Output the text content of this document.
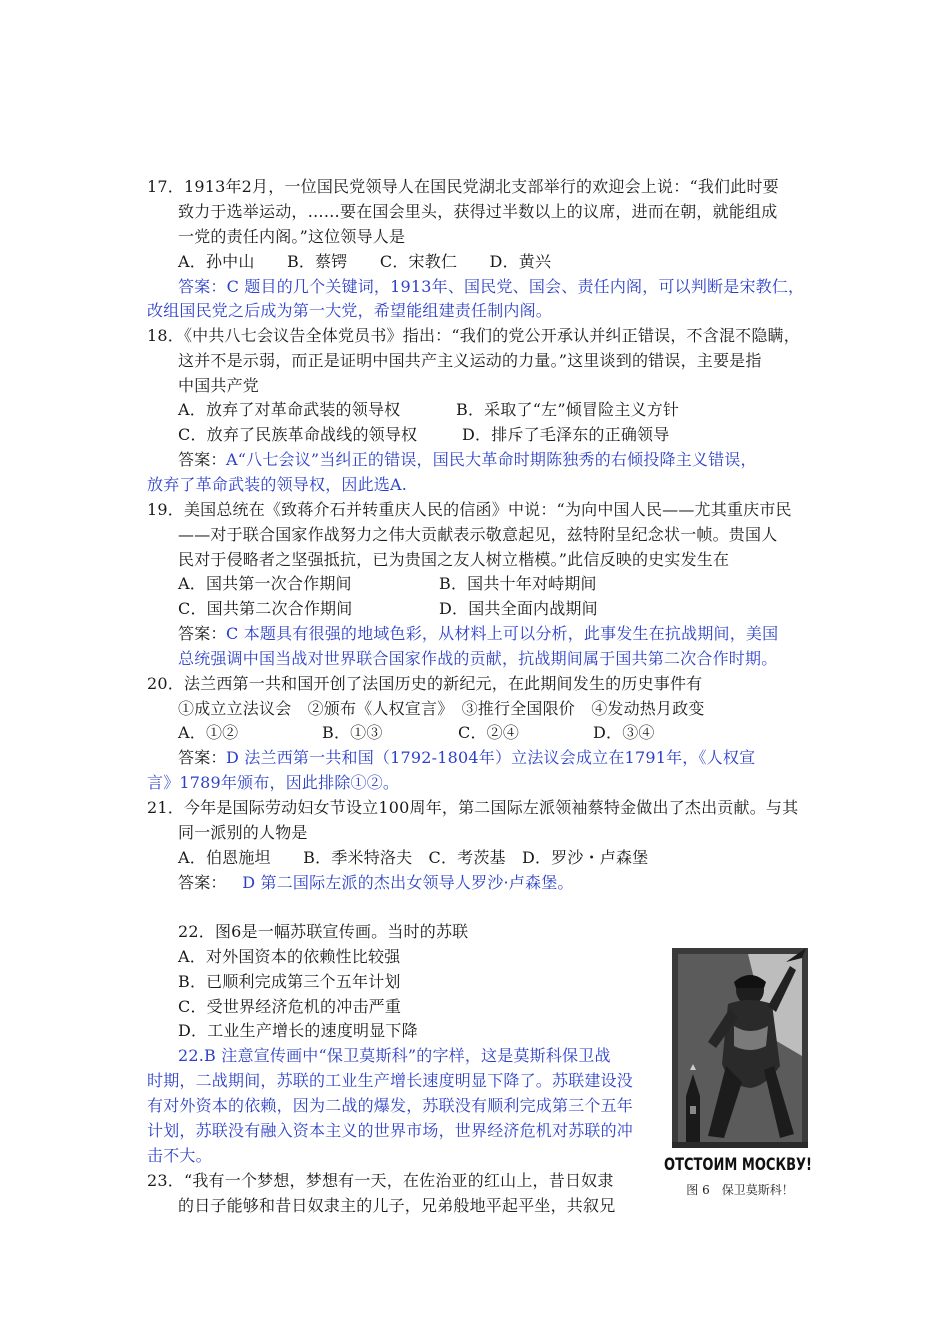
17．1913年2月，一位国民党领导人在国民党湖北支部举行的欢迎会上说：“我们此时要
致力于选举运动，……要在国会里头，获得过半数以上的议席，进而在朝，就能组成
一党的责任内阁。”这位领导人是
A．孙中山　　B．蔡锷　　C．宋教仁　　D．黄兴
答案：C 题目的几个关键词，1913年、国民党、国会、责任内阁，可以判断是宋教仁，
改组国民党之后成为第一大党，希望能组建责任制内阁。
18．《中共八七会议告全体党员书》指出：“我们的党公开承认并纠正错误，不含混不隐瞒，
这并不是示弱，而正是证明中国共产主义运动的力量。”这里谈到的错误，主要是指
中国共产党
A．放弃了对革命武装的领导权	B．采取了“左”倾冒险主义方针
C．放弃了民族革命战线的领导权	D．排斥了毛泽东的正确领导
答案： A“八七会议”当纠正的错误，国民大革命时期陈独秀的右倾投降主义错误，
放弃了革命武装的领导权，因此选A.
19．美国总统在《致蒋介石并转重庆人民的信函》中说：“为向中国人民——尤其重庆市民
——对于联合国家作战努力之伟大贡献表示敬意起见，兹特附呈纪念状一帧。贵国人
民对于侵略者之坚强抵抗，已为贵国之友人树立楷模。”此信反映的史实发生在
A．国共第一次合作期间	B．国共十年对峙期间
C．国共第二次合作期间	D．国共全面内战期间
答案： C 本题具有很强的地域色彩，从材料上可以分析，此事发生在抗战期间，美国
总统强调中国当战对世界联合国家作战的贡献，抗战期间属于国共第二次合作时期。
20．法兰西第一共和国开创了法国历史的新纪元，在此期间发生的历史事件有
①成立立法议会　②颁布《人权宣言》　③推行全国限价　④发动热月政变
A．①②	B．①③	C．②④	D．③④
答案： D 法兰西第一共和国（1792-1804年）立法议会成立在1791年，《人权宣
言》1789年颁布，因此排除①②。
21．今年是国际劳动妇女节设立100周年，第二国际左派领袖蔡特金做出了杰出贡献。与其
同一派别的人物是
A．伯恩施坦　　B．季米特洛夫　C．考茨基　D．罗沙・卢森堡
答案： 　D 第二国际左派的杰出女领导人罗沙·卢森堡。
22．图6是一幅苏联宣传画。当时的苏联
A．对外国资本的依赖性比较强
B．已顺利完成第三个五年计划
C．受世界经济危机的冲击严重
D．工业生产增长的速度明显下降
22.B 注意宣传画中“保卫莫斯科”的字样，这是莫斯科保卫战
时期，二战期间，苏联的工业生产增长速度明显下降了。苏联建设没
有对外资本的依赖，因为二战的爆发，苏联没有顺利完成第三个五年
计划，苏联没有融入资本主义的世界市场，世界经济危机对苏联的冲
击不大。	ОТСТОИМ МОСКВУ!
图 6　保卫莫斯科！
23．“我有一个梦想，梦想有一天，在佐治亚的红山上，昔日奴隶
的日子能够和昔日奴隶主的儿子，兄弟般地平起平坐，共叙兄
